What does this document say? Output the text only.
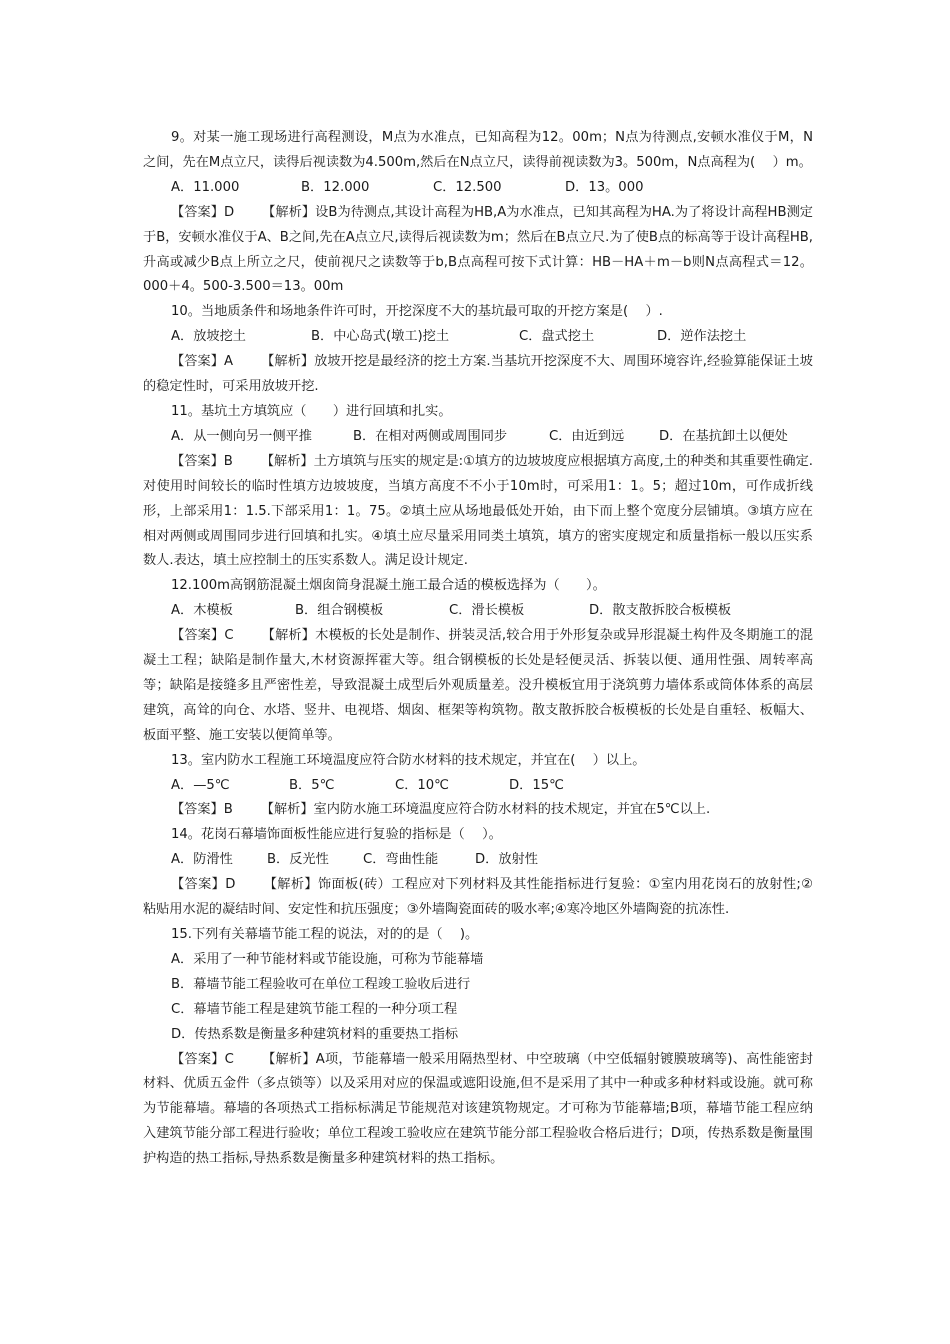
9。对某一施工现场进行高程测设，M点为水准点，已知高程为12。00m；N点为待测点,安顿水准仪于M，N之间，先在M点立尺，读得后视读数为4.500m,然后在N点立尺，读得前视读数为3。500m，N点高程为(　 ）m。

A．11.000	B．12.000	C．12.500	D．13。000

【答案】D 【解析】设B为待测点,其设计高程为HB,A为水准点，已知其高程为HA.为了将设计高程HB测定于B，安顿水准仪于A、B之间,先在A点立尺,读得后视读数为m；然后在B点立尺.为了使B点的标高等于设计高程HB,升高或减少B点上所立之尺，使前视尺之读数等于b,B点高程可按下式计算：HB－HA＋m－b则N点高程式＝12。000＋4。500-3.500＝13。00m

10。当地质条件和场地条件许可时，开挖深度不大的基坑最可取的开挖方案是(　 ）.

A．放坡挖土	B．中心岛式(墩工)挖土	C．盘式挖土	D．逆作法挖土

【答案】A 【解析】放坡开挖是最经济的挖土方案.当基坑开挖深度不大、周围环境容许,经验算能保证土坡的稳定性时，可采用放坡开挖.

11。基坑土方填筑应（　　）进行回填和扎实。

A．从一侧向另一侧平推	B．在相对两侧或周围同步	C．由近到远	D．在基抗卸土以便处

【答案】B 【解析】土方填筑与压实的规定是:①填方的边坡坡度应根据填方高度,土的种类和其重要性确定.对使用时间较长的临时性填方边坡坡度，当填方高度不不小于10m时，可采用1：1。5；超过10m，可作成折线形，上部采用1：1.5.下部采用1：1。75。②填土应从场地最低处开始，由下而上整个宽度分层铺填。③填方应在相对两侧或周围同步进行回填和扎实。④填土应尽量采用同类土填筑，填方的密实度规定和质量指标一般以压实系数人.表达，填土应控制土的压实系数人。满足设计规定.

12.100m高钢筋混凝土烟囱筒身混凝土施工最合适的模板选择为（　　）。

A．木模板	B．组合钢模板	C．滑长模板	D．散支散拆胶合板模板

【答案】C 【解析】木模板的长处是制作、拼装灵活,较合用于外形复杂或异形混凝土构件及冬期施工的混凝土工程；缺陷是制作量大,木材资源挥霍大等。组合钢模板的长处是轻便灵活、拆装以便、通用性强、周转率高等；缺陷是接缝多且严密性差，导致混凝土成型后外观质量差。没升模板宜用于浇筑剪力墙体系或筒体体系的高层建筑，高耸的向仓、水塔、竖井、电视塔、烟囱、框架等构筑物。散支散拆胶合板模板的长处是自重轻、板幅大、板面平整、施工安装以便简单等。

13。室内防水工程施工环境温度应符合防水材料的技术规定，并宜在(　 ）以上。

A．—5℃	B．5℃	C．10℃	D．15℃

【答案】B 【解析】室内防水施工环境温度应符合防水材料的技术规定，并宜在5℃以上.

14。花岗石幕墙饰面板性能应进行复验的指标是（　 ）。

A．防滑性	B．反光性	C．弯曲性能	D．放射性

【答案】D 【解析】饰面板(砖）工程应对下列材料及其性能指标进行复验：①室内用花岗石的放射性;② 粘贴用水泥的凝结时间、安定性和抗压强度；③外墙陶瓷面砖的吸水率;④寒冷地区外墙陶瓷的抗冻性.

15.下列有关幕墙节能工程的说法，对的的是（　 )。

A．采用了一种节能材料或节能设施，可称为节能幕墙

B．幕墙节能工程验收可在单位工程竣工验收后进行

C．幕墙节能工程是建筑节能工程的一种分项工程

D．传热系数是衡量多种建筑材料的重要热工指标

【答案】C 【解析】A项，节能幕墙一般采用隔热型材、中空玻璃（中空低辐射镀膜玻璃等)、高性能密封材料、优质五金件（多点锁等）以及采用对应的保温或遮阳设施,但不是采用了其中一种或多种材料或设施。就可称为节能幕墙。幕墙的各项热式工指标标满足节能规范对该建筑物规定。才可称为节能幕墙;B项，幕墙节能工程应纳入建筑节能分部工程进行验收；单位工程竣工验收应在建筑节能分部工程验收合格后进行；D项，传热系数是衡量围护构造的热工指标,导热系数是衡量多种建筑材料的热工指标。
